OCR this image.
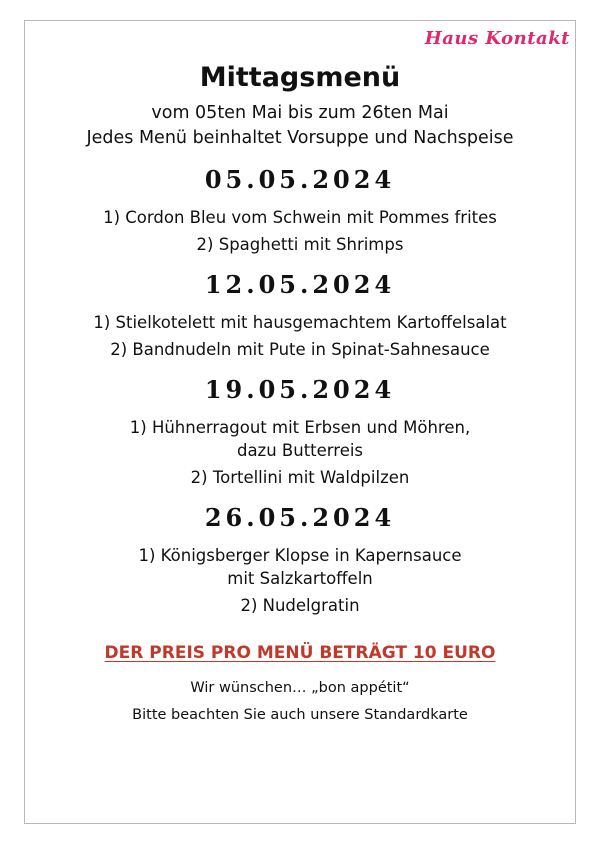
Haus Kontakt
Mittagsmenü
vom 05ten Mai bis zum 26ten Mai
Jedes Menü beinhaltet Vorsuppe und Nachspeise
05.05.2024
1) Cordon Bleu vom Schwein mit Pommes frites
2) Spaghetti mit Shrimps
12.05.2024
1) Stielkotelett mit hausgemachtem Kartoffelsalat
2) Bandnudeln mit Pute in Spinat-Sahnesauce
19.05.2024
1) Hühnerragout mit Erbsen und Möhren,
dazu Butterreis
2) Tortellini mit Waldpilzen
26.05.2024
1) Königsberger Klopse in Kapernsauce
mit Salzkartoffeln
2) Nudelgratin
DER PREIS PRO MENÜ BETRÄGT 10 EURO
Wir wünschen… „bon appétit“
Bitte beachten Sie auch unsere Standardkarte
